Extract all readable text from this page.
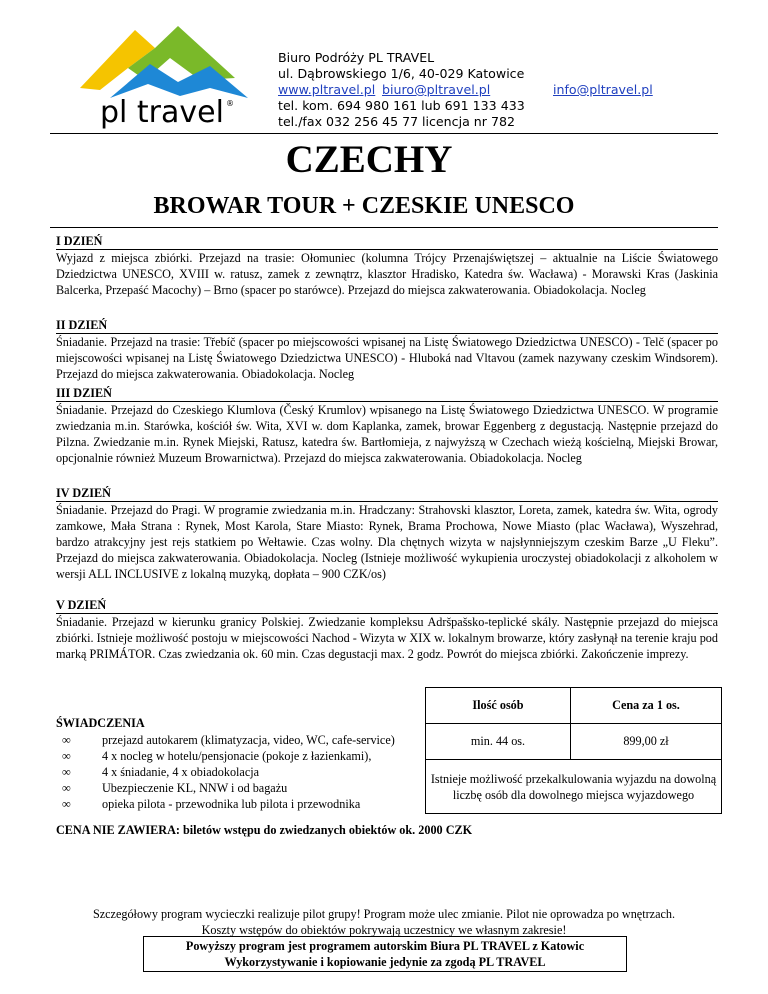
pl travel ®
Biuro Podróży PL TRAVEL
ul. Dąbrowskiego 1/6, 40-029 Katowice
www.pltravel.pl biuro@pltravel.pl	info@pltravel.pl
tel. kom. 694 980 161 lub 691 133 433
tel./fax 032 256 45 77 licencja nr 782
CZECHY
BROWAR TOUR + CZESKIE UNESCO
I DZIEŃ
Wyjazd z miejsca zbiórki. Przejazd na trasie: Ołomuniec (kolumna Trójcy Przenajświętszej – aktualnie na Liście Światowego Dziedzictwa UNESCO, XVIII w. ratusz, zamek z zewnątrz, klasztor Hradisko, Katedra św. Wacława) - Morawski Kras (Jaskinia Balcerka, Przepaść Macochy) – Brno (spacer po starówce). Przejazd do miejsca zakwaterowania. Obiadokolacja. Nocleg
II DZIEŃ
Śniadanie. Przejazd na trasie: Třebíč (spacer po miejscowości wpisanej na Listę Światowego Dziedzictwa UNESCO) - Telč (spacer po miejscowości wpisanej na Listę Światowego Dziedzictwa UNESCO) - Hluboká nad Vltavou (zamek nazywany czeskim Windsorem). Przejazd do miejsca zakwaterowania. Obiadokolacja. Nocleg
III DZIEŃ
Śniadanie. Przejazd do Czeskiego Klumlova (Český Krumlov) wpisanego na Listę Światowego Dziedzictwa UNESCO. W programie zwiedzania m.in. Starówka, kościół św. Wita, XVI w. dom Kaplanka, zamek, browar Eggenberg z degustacją. Następnie przejazd do Pilzna. Zwiedzanie m.in. Rynek Miejski, Ratusz, katedra św. Bartłomieja, z najwyższą w Czechach wieżą kościelną, Miejski Browar, opcjonalnie również Muzeum Browarnictwa). Przejazd do miejsca zakwaterowania. Obiadokolacja. Nocleg
IV DZIEŃ
Śniadanie. Przejazd do Pragi. W programie zwiedzania m.in. Hradczany: Strahovski klasztor, Loreta, zamek, katedra św. Wita, ogrody zamkowe, Mała Strana : Rynek, Most Karola, Stare Miasto: Rynek, Brama Prochowa, Nowe Miasto (plac Wacława), Wyszehrad, bardzo atrakcyjny jest rejs statkiem po Wełtawie. Czas wolny. Dla chętnych wizyta w najsłynniejszym czeskim Barze „U Fleku”. Przejazd do miejsca zakwaterowania. Obiadokolacja. Nocleg (Istnieje możliwość wykupienia uroczystej obiadokolacji z alkoholem w wersji ALL INCLUSIVE z lokalną muzyką, dopłata – 900 CZK/os)
V DZIEŃ
Śniadanie. Przejazd w kierunku granicy Polskiej. Zwiedzanie kompleksu Adršpašsko-teplické skály. Następnie przejazd do miejsca zbiórki. Istnieje możliwość postoju w miejscowości Nachod - Wizyta w XIX w. lokalnym browarze, który zasłynął na terenie kraju pod marką PRIMÁTOR. Czas zwiedzania ok. 60 min. Czas degustacji max. 2 godz. Powrót do miejsca zbiórki. Zakończenie imprezy.
ŚWIADCZENIA
∞	przejazd autokarem (klimatyzacja, video, WC, cafe-service)
∞	4 x nocleg w hotelu/pensjonacie (pokoje z łazienkami),
∞	4 x śniadanie, 4 x obiadokolacja
∞	Ubezpieczenie KL, NNW i od bagażu
∞	opieka pilota - przewodnika lub pilota i przewodnika
Ilość osób	Cena za 1 os.
min. 44 os.	899,00 zł
Istnieje możliwość przekalkulowania wyjazdu na dowolną liczbę osób dla dowolnego miejsca wyjazdowego	
CENA NIE ZAWIERA: biletów wstępu do zwiedzanych obiektów ok. 2000 CZK
Szczegółowy program wycieczki realizuje pilot grupy! Program może ulec zmianie. Pilot nie oprowadza po wnętrzach.
Koszty wstępów do obiektów pokrywają uczestnicy we własnym zakresie!
Powyższy program jest programem autorskim Biura PL TRAVEL z Katowic
Wykorzystywanie i kopiowanie jedynie za zgodą PL TRAVEL
